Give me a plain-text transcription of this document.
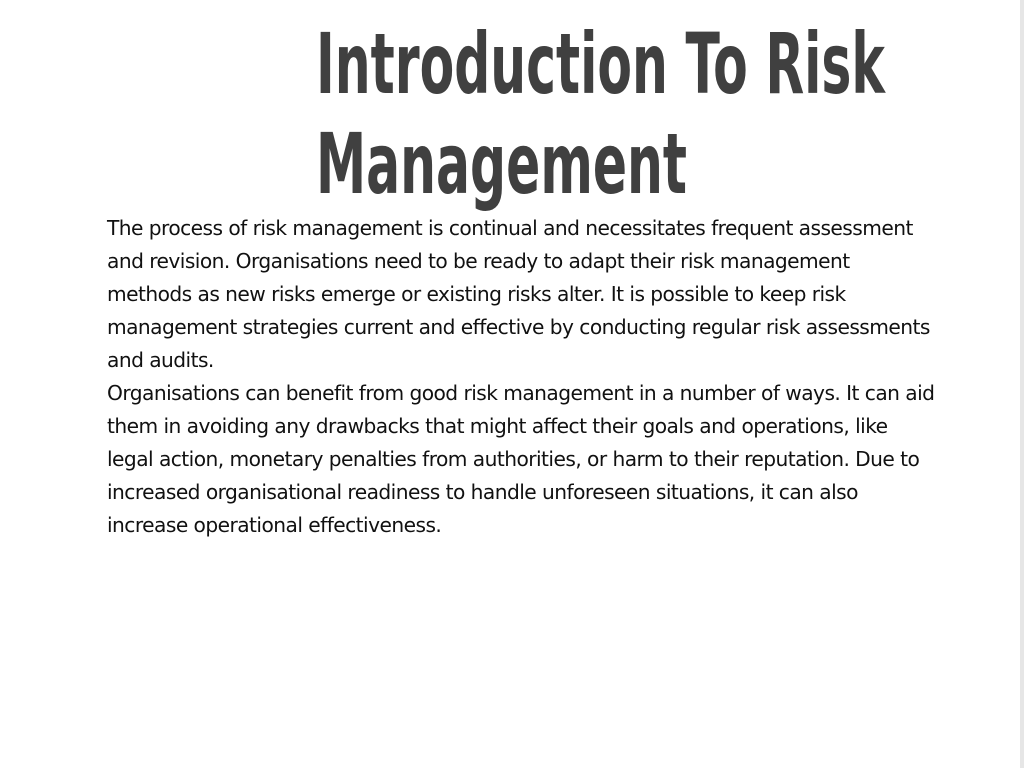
Introduction To Risk
Management

The process of risk management is continual and necessitates frequent assessment and revision. Organisations need to be ready to adapt their risk management methods as new risks emerge or existing risks alter. It is possible to keep risk management strategies current and effective by conducting regular risk assessments and audits.

Organisations can benefit from good risk management in a number of ways. It can aid them in avoiding any drawbacks that might affect their goals and operations, like legal action, monetary penalties from authorities, or harm to their reputation. Due to increased organisational readiness to handle unforeseen situations, it can also increase operational effectiveness.
